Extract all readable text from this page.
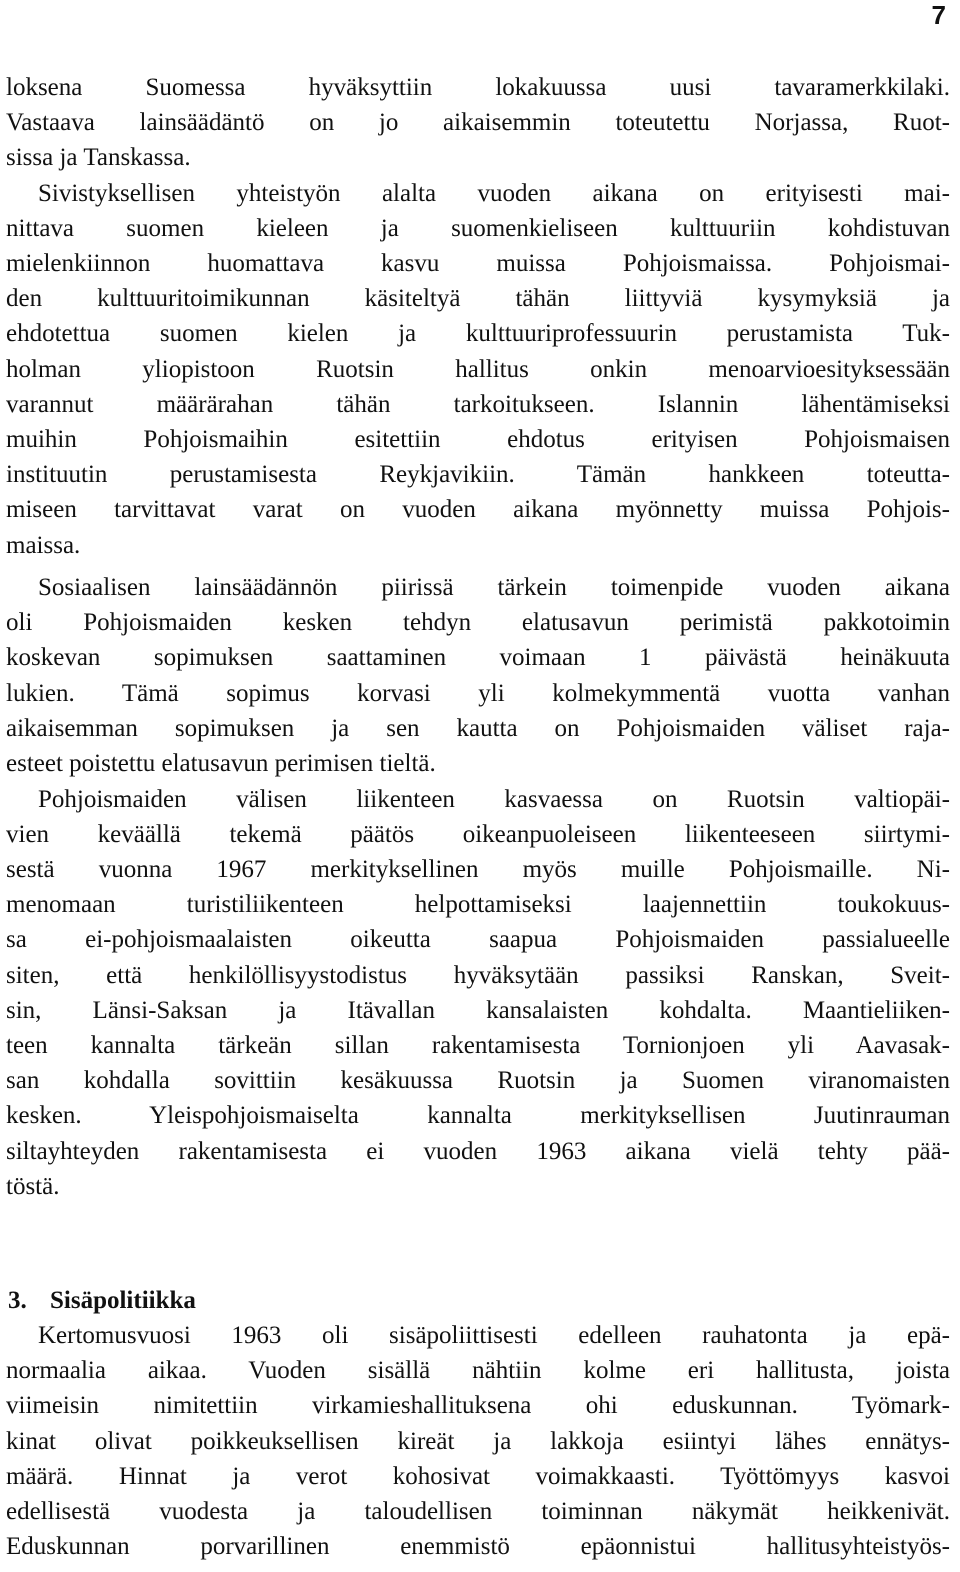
7
loksena Suomessa hyväksyttiin lokakuussa uusi tavaramerkkilaki.
Vastaava lainsäädäntö on jo aikaisemmin toteutettu Norjassa, Ruot-
sissa ja Tanskassa.
Sivistyksellisen yhteistyön alalta vuoden aikana on erityisesti mai-
nittava suomen kieleen ja suomenkieliseen kulttuuriin kohdistuvan
mielenkiinnon huomattava kasvu muissa Pohjoismaissa. Pohjoismai-
den kulttuuritoimikunnan käsiteltyä tähän liittyviä kysymyksiä ja
ehdotettua suomen kielen ja kulttuuriprofessuurin perustamista Tuk-
holman yliopistoon Ruotsin hallitus onkin menoarvioesityksessään
varannut määrärahan tähän tarkoitukseen. Islannin lähentämiseksi
muihin Pohjoismaihin esitettiin ehdotus erityisen Pohjoismaisen
instituutin perustamisesta Reykjavikiin. Tämän hankkeen toteutta-
miseen tarvittavat varat on vuoden aikana myönnetty muissa Pohjois-
maissa.
Sosiaalisen lainsäädännön piirissä tärkein toimenpide vuoden aikana
oli Pohjoismaiden kesken tehdyn elatusavun perimistä pakkotoimin
koskevan sopimuksen saattaminen voimaan 1 päivästä heinäkuuta
lukien. Tämä sopimus korvasi yli kolmekymmentä vuotta vanhan
aikaisemman sopimuksen ja sen kautta on Pohjoismaiden väliset raja-
esteet poistettu elatusavun perimisen tieltä.
Pohjoismaiden välisen liikenteen kasvaessa on Ruotsin valtiopäi-
vien keväällä tekemä päätös oikeanpuoleiseen liikenteeseen siirtymi-
sestä vuonna 1967 merkityksellinen myös muille Pohjoismaille. Ni-
menomaan turistiliikenteen helpottamiseksi laajennettiin toukokuus-
sa ei-pohjoismaalaisten oikeutta saapua Pohjoismaiden passialueelle
siten, että henkilöllisyystodistus hyväksytään passiksi Ranskan, Sveit-
sin, Länsi-Saksan ja Itävallan kansalaisten kohdalta. Maantieliiken-
teen kannalta tärkeän sillan rakentamisesta Tornionjoen yli Aavasak-
san kohdalla sovittiin kesäkuussa Ruotsin ja Suomen viranomaisten
kesken. Yleispohjoismaiselta kannalta merkityksellisen Juutinrauman
siltayhteyden rakentamisesta ei vuoden 1963 aikana vielä tehty pää-
töstä.
3. Sisäpolitiikka
Kertomusvuosi 1963 oli sisäpoliittisesti edelleen rauhatonta ja epä-
normaalia aikaa. Vuoden sisällä nähtiin kolme eri hallitusta, joista
viimeisin nimitettiin virkamieshallituksena ohi eduskunnan. Työmark-
kinat olivat poikkeuksellisen kireät ja lakkoja esiintyi lähes ennätys-
määrä. Hinnat ja verot kohosivat voimakkaasti. Työttömyys kasvoi
edellisestä vuodesta ja taloudellisen toiminnan näkymät heikkenivät.
Eduskunnan porvarillinen enemmistö epäonnistui hallitusyhteistyös-
